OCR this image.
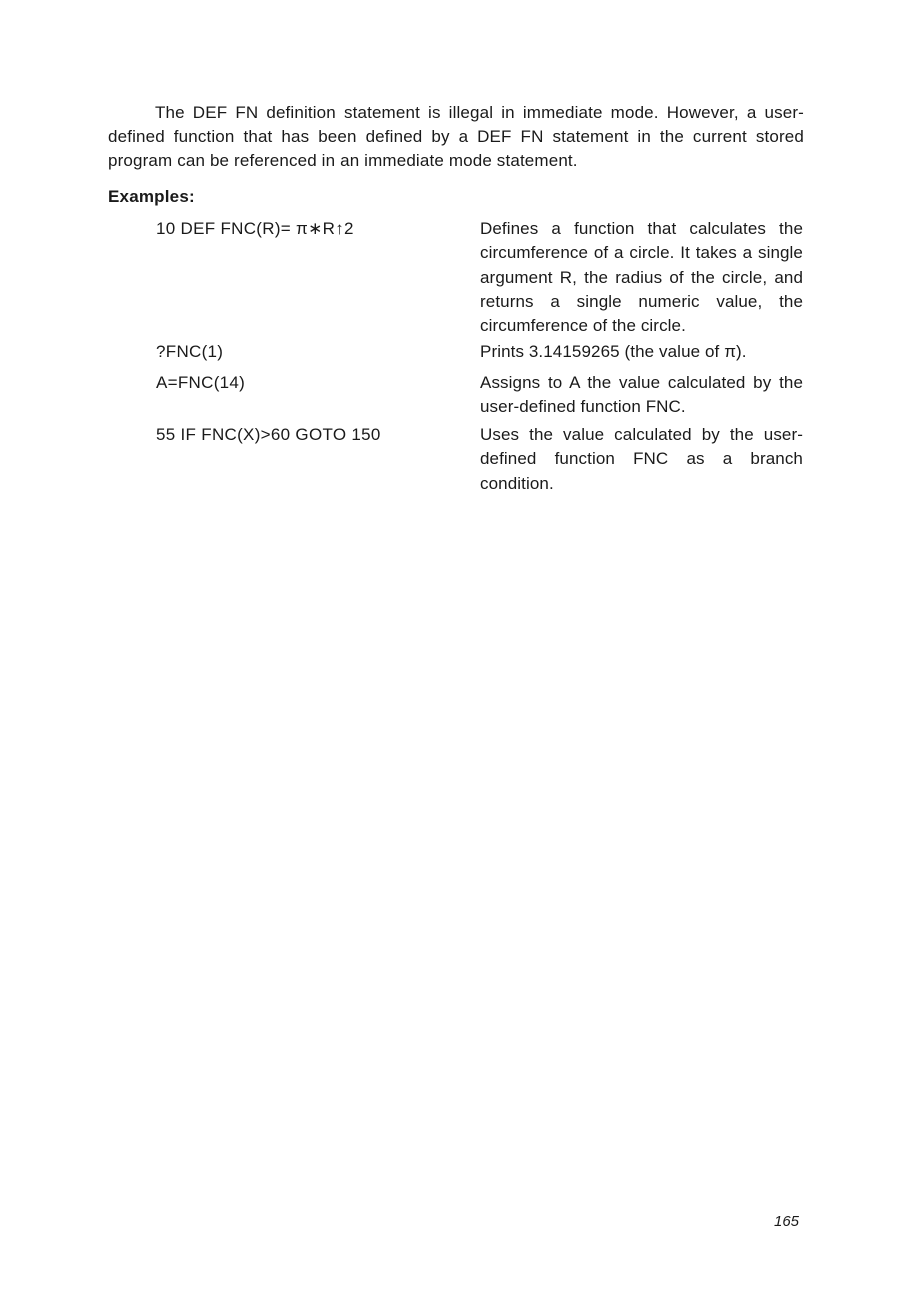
The DEF FN definition statement is illegal in immediate mode. However, a user-defined function that has been defined by a DEF FN statement in the current stored program can be referenced in an immediate mode statement.

Examples:

10 DEF FNC(R)= π∗R↑2	Defines a function that calculates the circumference of a circle. It takes a single argument R, the radius of the circle, and returns a single numeric value, the circumference of the circle.

?FNC(1)	Prints 3.14159265 (the value of π).

A=FNC(14)	Assigns to A the value calculated by the user-defined function FNC.

55 IF FNC(X)>60 GOTO 150	Uses the value calculated by the user-defined function FNC as a branch condition.

165
